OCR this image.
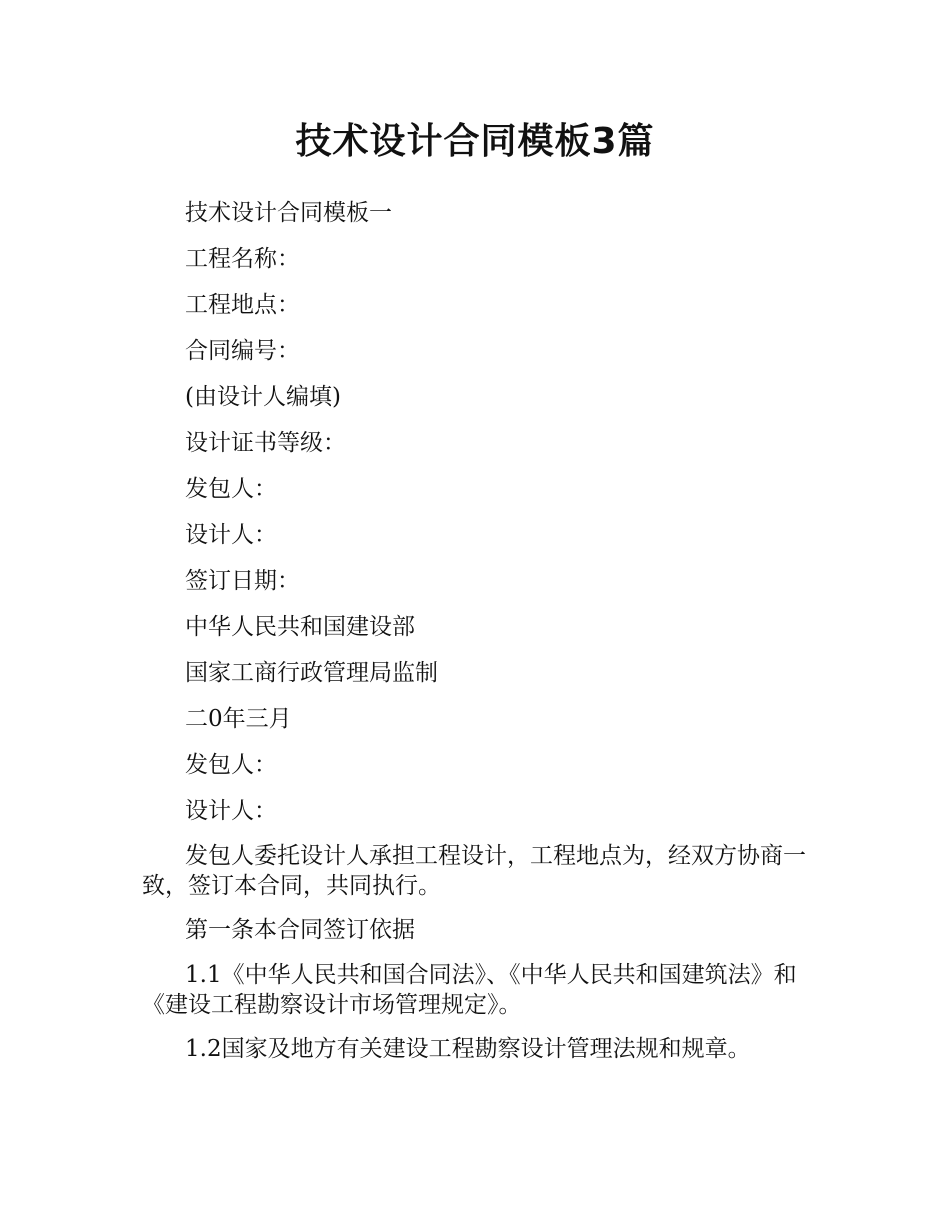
技术设计合同模板3篇

技术设计合同模板一

工程名称：

工程地点：

合同编号：

(由设计人编填)

设计证书等级：

发包人：

设计人：

签订日期：

中华人民共和国建设部

国家工商行政管理局监制

二0年三月

发包人：

设计人：

发包人委托设计人承担工程设计，工程地点为，经双方协商一致，签订本合同，共同执行。

第一条本合同签订依据

1.1《中华人民共和国合同法》、《中华人民共和国建筑法》和《建设工程勘察设计市场管理规定》。

1.2国家及地方有关建设工程勘察设计管理法规和规章。
